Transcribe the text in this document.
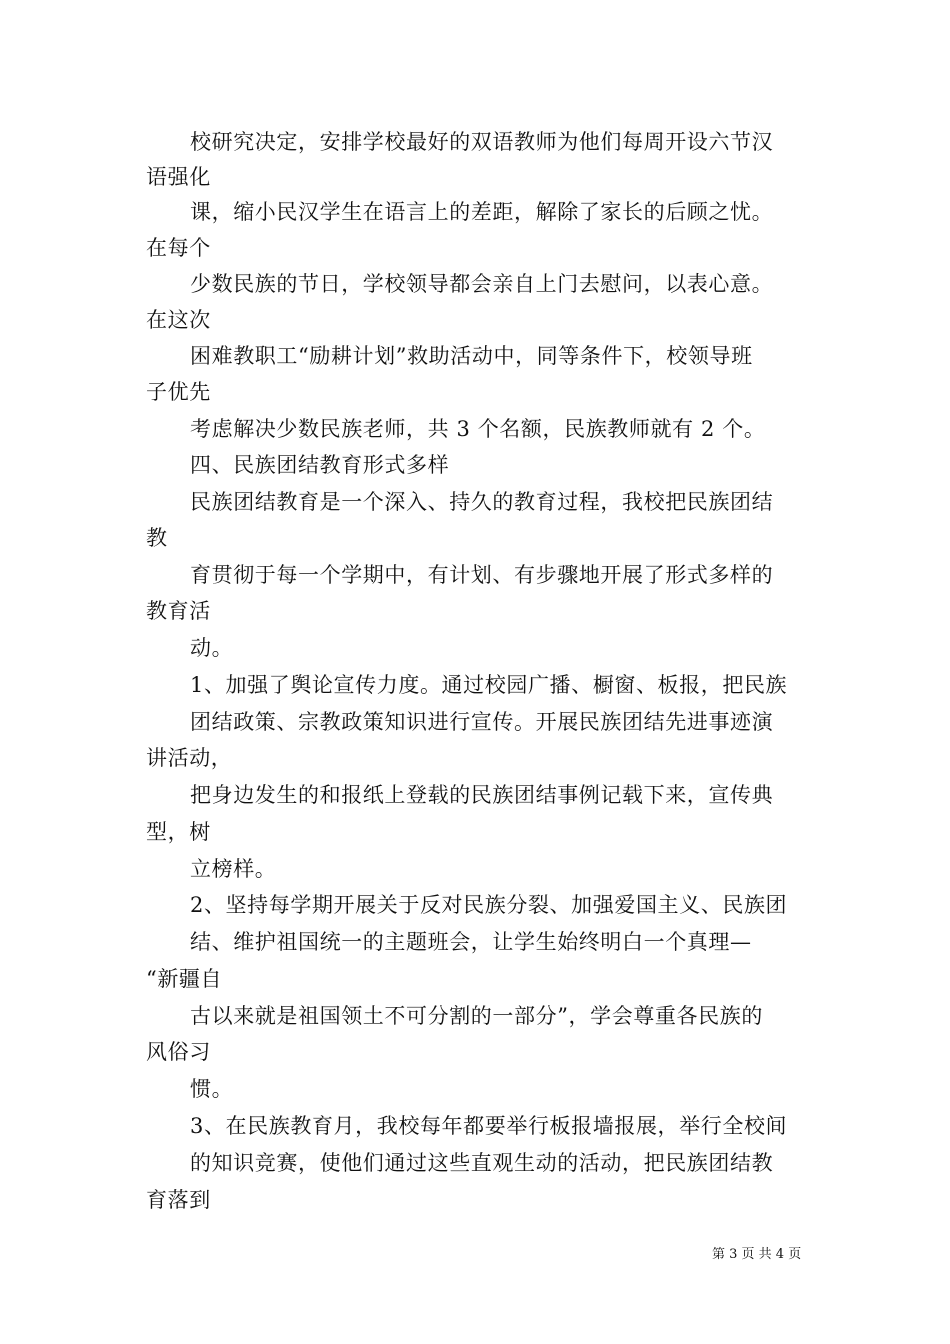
校研究决定，安排学校最好的双语教师为他们每周开设六节汉
语强化
课，缩小民汉学生在语言上的差距，解除了家长的后顾之忧。
在每个
少数民族的节日，学校领导都会亲自上门去慰问，以表心意。
在这次
困难教职工“励耕计划”救助活动中，同等条件下，校领导班
子优先
考虑解决少数民族老师，共 3 个名额，民族教师就有 2 个。
四、民族团结教育形式多样
民族团结教育是一个深入、持久的教育过程，我校把民族团结
教
育贯彻于每一个学期中，有计划、有步骤地开展了形式多样的
教育活
动。
1、加强了舆论宣传力度。通过校园广播、橱窗、板报，把民族
团结政策、宗教政策知识进行宣传。开展民族团结先进事迹演
讲活动，
把身边发生的和报纸上登载的民族团结事例记载下来，宣传典
型，树
立榜样。
2、坚持每学期开展关于反对民族分裂、加强爱国主义、民族团
结、维护祖国统一的主题班会，让学生始终明白一个真理—
“新疆自
古以来就是祖国领土不可分割的一部分”，学会尊重各民族的
风俗习
惯。
3、在民族教育月，我校每年都要举行板报墙报展，举行全校间
的知识竞赛，使他们通过这些直观生动的活动，把民族团结教
育落到
第 3 页 共 4 页
